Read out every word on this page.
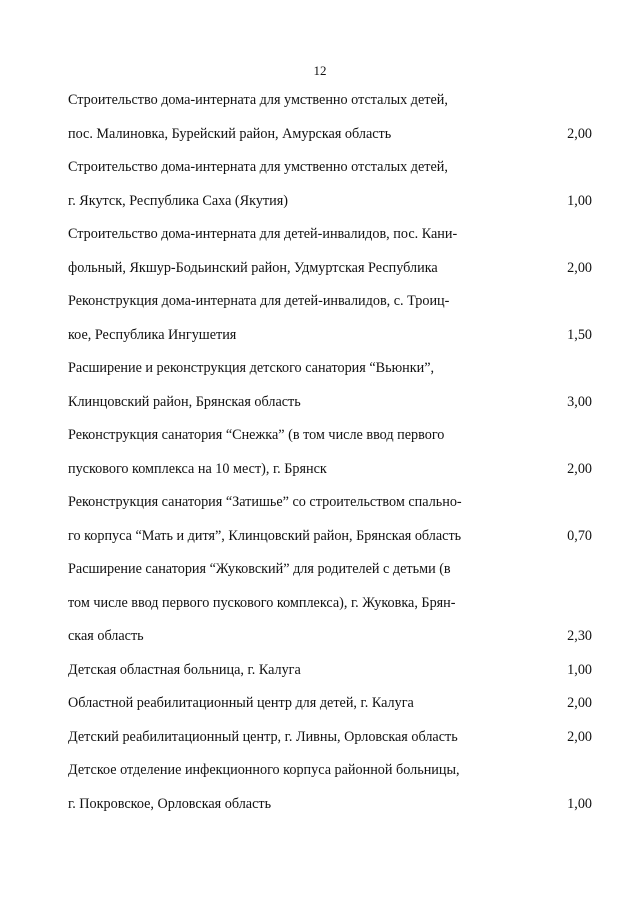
12
Строительство дома-интерната для умственно отсталых детей,
пос. Малиновка, Бурейский район, Амурская область	2,00
Строительство дома-интерната для умственно отсталых детей,
г. Якутск, Республика Саха (Якутия)	1,00
Строительство дома-интерната для детей-инвалидов, пос. Кани-
фольный, Якшур-Бодьинский район, Удмуртская Республика	2,00
Реконструкция дома-интерната для детей-инвалидов, с. Троиц-
кое, Республика Ингушетия	1,50
Расширение и реконструкция детского санатория “Вьюнки”,
Клинцовский район, Брянская область	3,00
Реконструкция санатория “Снежка” (в том числе ввод первого
пускового комплекса на 10 мест), г. Брянск	2,00
Реконструкция санатория “Затишье” со строительством спально-
го корпуса “Мать и дитя”, Клинцовский район, Брянская область	0,70
Расширение санатория “Жуковский” для родителей с детьми (в
том числе ввод первого пускового комплекса), г. Жуковка, Брян-
ская область	2,30
Детская областная больница, г. Калуга	1,00
Областной реабилитационный центр для детей, г. Калуга	2,00
Детский реабилитационный центр, г. Ливны, Орловская область	2,00
Детское отделение инфекционного корпуса районной больницы,
г. Покровское, Орловская область	1,00
